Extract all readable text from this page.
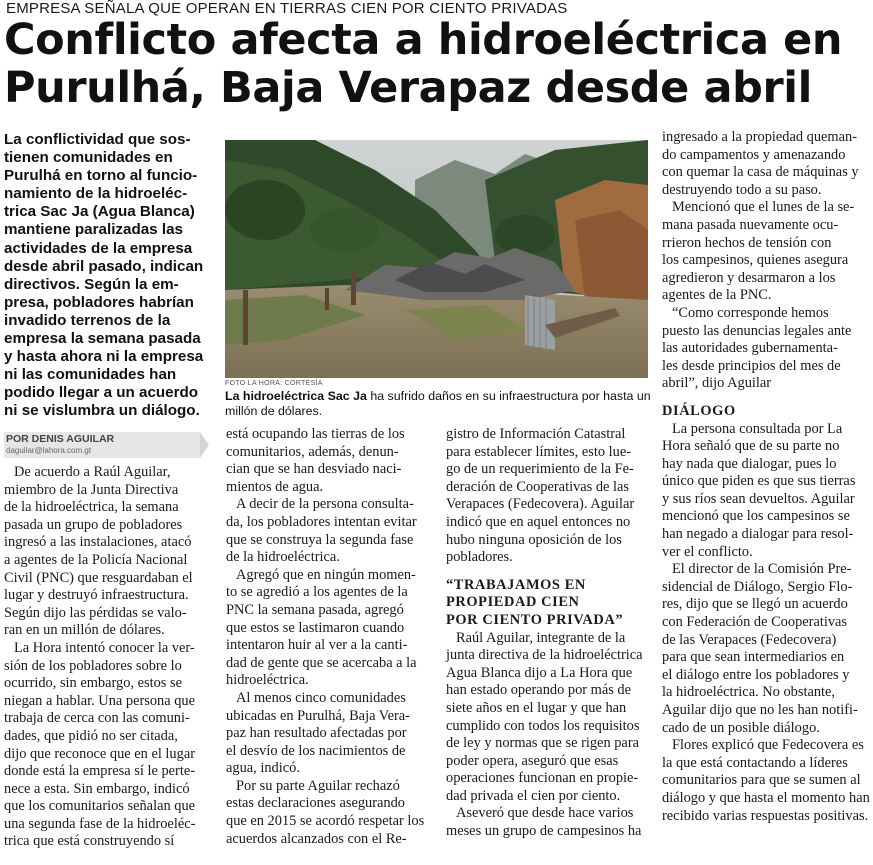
EMPRESA SEÑALA QUE OPERAN EN TIERRAS CIEN POR CIENTO PRIVADAS
Conflicto afecta a hidroeléctrica en
Purulhá, Baja Verapaz desde abril
La conflictividad que sos-
tienen comunidades en
Purulhá en torno al funcio-
namiento de la hidroeléc-
trica Sac Ja (Agua Blanca)
mantiene paralizadas las
actividades de la empresa
desde abril pasado, indican
directivos. Según la em-
presa, pobladores habrían
invadido terrenos de la
empresa la semana pasada
y hasta ahora ni la empresa
ni las comunidades han
podido llegar a un acuerdo
ni se vislumbra un diálogo.
FOTO LA HORA: CORTESÍA
La hidroeléctrica Sac Ja ha sufrido daños en su infraestructura por hasta un
millón de dólares.
POR DENIS AGUILAR
daguilar@lahora.com.gt
De acuerdo a Raúl Aguilar,
miembro de la Junta Directiva
de la hidroeléctrica, la semana
pasada un grupo de pobladores
ingresó a las instalaciones, atacó
a agentes de la Policía Nacional
Civil (PNC) que resguardaban el
lugar y destruyó infraestructura.
Según dijo las pérdidas se valo-
ran en un millón de dólares.
La Hora intentó conocer la ver-
sión de los pobladores sobre lo
ocurrido, sin embargo, estos se
niegan a hablar. Una persona que
trabaja de cerca con las comuni-
dades, que pidió no ser citada,
dijo que reconoce que en el lugar
donde está la empresa sí le perte-
nece a esta. Sin embargo, indicó
que los comunitarios señalan que
una segunda fase de la hidroeléc-
trica que está construyendo sí
está ocupando las tierras de los
comunitarios, además, denun-
cian que se han desviado naci-
mientos de agua.
A decir de la persona consulta-
da, los pobladores intentan evitar
que se construya la segunda fase
de la hidroeléctrica.
Agregó que en ningún momen-
to se agredió a los agentes de la
PNC la semana pasada, agregó
que estos se lastimaron cuando
intentaron huir al ver a la canti-
dad de gente que se acercaba a la
hidroeléctrica.
Al menos cinco comunidades
ubicadas en Purulhá, Baja Vera-
paz han resultado afectadas por
el desvío de los nacimientos de
agua, indicó.
Por su parte Aguilar rechazó
estas declaraciones asegurando
que en 2015 se acordó respetar los
acuerdos alcanzados con el Re-
gistro de Información Catastral
para establecer límites, esto lue-
go de un requerimiento de la Fe-
deración de Cooperativas de las
Verapaces (Fedecovera). Aguilar
indicó que en aquel entonces no
hubo ninguna oposición de los
pobladores.
“TRABAJAMOS EN
PROPIEDAD CIEN
POR CIENTO PRIVADA”
Raúl Aguilar, integrante de la
junta directiva de la hidroeléctrica
Agua Blanca dijo a La Hora que
han estado operando por más de
siete años en el lugar y que han
cumplido con todos los requisitos
de ley y normas que se rigen para
poder opera, aseguró que esas
operaciones funcionan en propie-
dad privada el cien por ciento.
Aseveró que desde hace varios
meses un grupo de campesinos ha
ingresado a la propiedad queman-
do campamentos y amenazando
con quemar la casa de máquinas y
destruyendo todo a su paso.
Mencionó que el lunes de la se-
mana pasada nuevamente ocu-
rrieron hechos de tensión con
los campesinos, quienes asegura
agredieron y desarmaron a los
agentes de la PNC.
“Como corresponde hemos
puesto las denuncias legales ante
las autoridades gubernamenta-
les desde principios del mes de
abril”, dijo Aguilar
DIÁLOGO
La persona consultada por La
Hora señaló que de su parte no
hay nada que dialogar, pues lo
único que piden es que sus tierras
y sus ríos sean devueltos. Aguilar
mencionó que los campesinos se
han negado a dialogar para resol-
ver el conflicto.
El director de la Comisión Pre-
sidencial de Diálogo, Sergio Flo-
res, dijo que se llegó un acuerdo
con Federación de Cooperativas
de las Verapaces (Fedecovera)
para que sean intermediarios en
el diálogo entre los pobladores y
la hidroeléctrica. No obstante,
Aguilar dijo que no les han notifi-
cado de un posible diálogo.
Flores explicó que Fedecovera es
la que está contactando a líderes
comunitarios para que se sumen al
diálogo y que hasta el momento han
recibido varias respuestas positivas.
